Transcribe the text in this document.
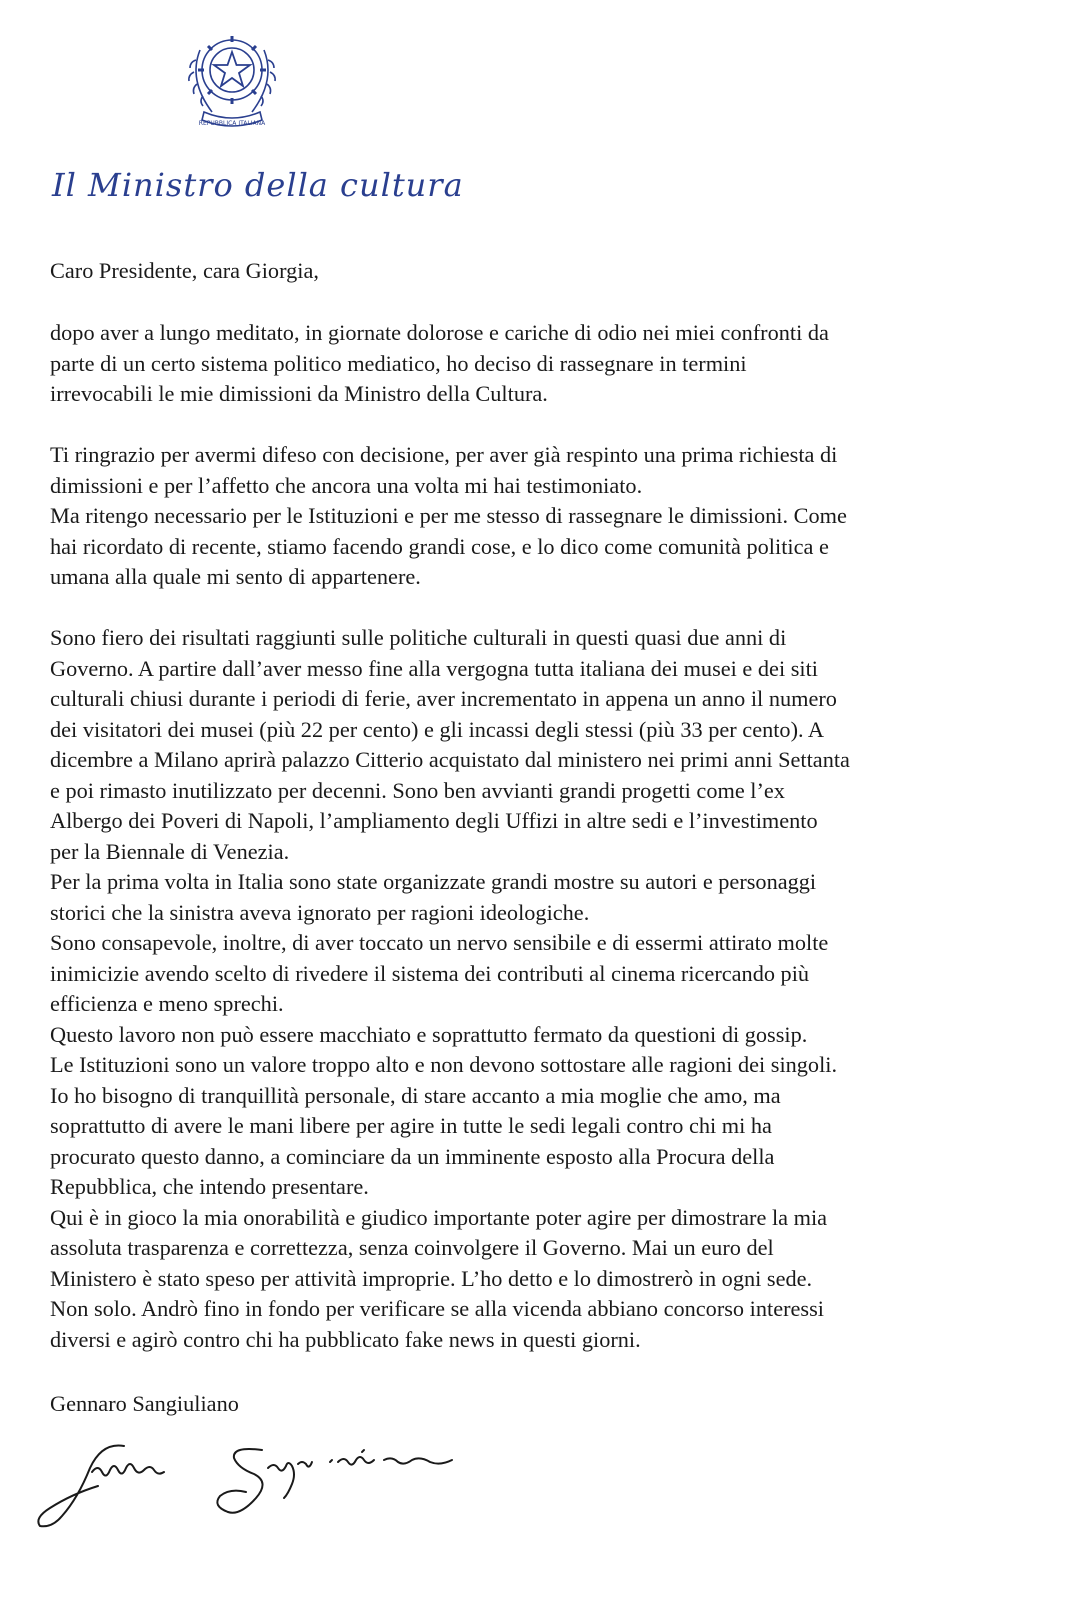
REPUBBLICA ITALIANA
Il Ministro della cultura
Caro Presidente, cara Giorgia,
dopo aver a lungo meditato, in giornate dolorose e cariche di odio nei miei confronti da
parte di un certo sistema politico mediatico, ho deciso di rassegnare in termini
irrevocabili le mie dimissioni da Ministro della Cultura.
Ti ringrazio per avermi difeso con decisione, per aver già respinto una prima richiesta di
dimissioni e per l’affetto che ancora una volta mi hai testimoniato.
Ma ritengo necessario per le Istituzioni e per me stesso di rassegnare le dimissioni. Come
hai ricordato di recente, stiamo facendo grandi cose, e lo dico come comunità politica e
umana alla quale mi sento di appartenere.
Sono fiero dei risultati raggiunti sulle politiche culturali in questi quasi due anni di
Governo. A partire dall’aver messo fine alla vergogna tutta italiana dei musei e dei siti
culturali chiusi durante i periodi di ferie, aver incrementato in appena un anno il numero
dei visitatori dei musei (più 22 per cento) e gli incassi degli stessi (più 33 per cento). A
dicembre a Milano aprirà palazzo Citterio acquistato dal ministero nei primi anni Settanta
e poi rimasto inutilizzato per decenni. Sono ben avvianti grandi progetti come l’ex
Albergo dei Poveri di Napoli, l’ampliamento degli Uffizi in altre sedi e l’investimento
per la Biennale di Venezia.
Per la prima volta in Italia sono state organizzate grandi mostre su autori e personaggi
storici che la sinistra aveva ignorato per ragioni ideologiche.
Sono consapevole, inoltre, di aver toccato un nervo sensibile e di essermi attirato molte
inimicizie avendo scelto di rivedere il sistema dei contributi al cinema ricercando più
efficienza e meno sprechi.
Questo lavoro non può essere macchiato e soprattutto fermato da questioni di gossip.
Le Istituzioni sono un valore troppo alto e non devono sottostare alle ragioni dei singoli.
Io ho bisogno di tranquillità personale, di stare accanto a mia moglie che amo, ma
soprattutto di avere le mani libere per agire in tutte le sedi legali contro chi mi ha
procurato questo danno, a cominciare da un imminente esposto alla Procura della
Repubblica, che intendo presentare.
Qui è in gioco la mia onorabilità e giudico importante poter agire per dimostrare la mia
assoluta trasparenza e correttezza, senza coinvolgere il Governo. Mai un euro del
Ministero è stato speso per attività improprie. L’ho detto e lo dimostrerò in ogni sede.
Non solo. Andrò fino in fondo per verificare se alla vicenda abbiano concorso interessi
diversi e agirò contro chi ha pubblicato fake news in questi giorni.
Gennaro Sangiuliano
